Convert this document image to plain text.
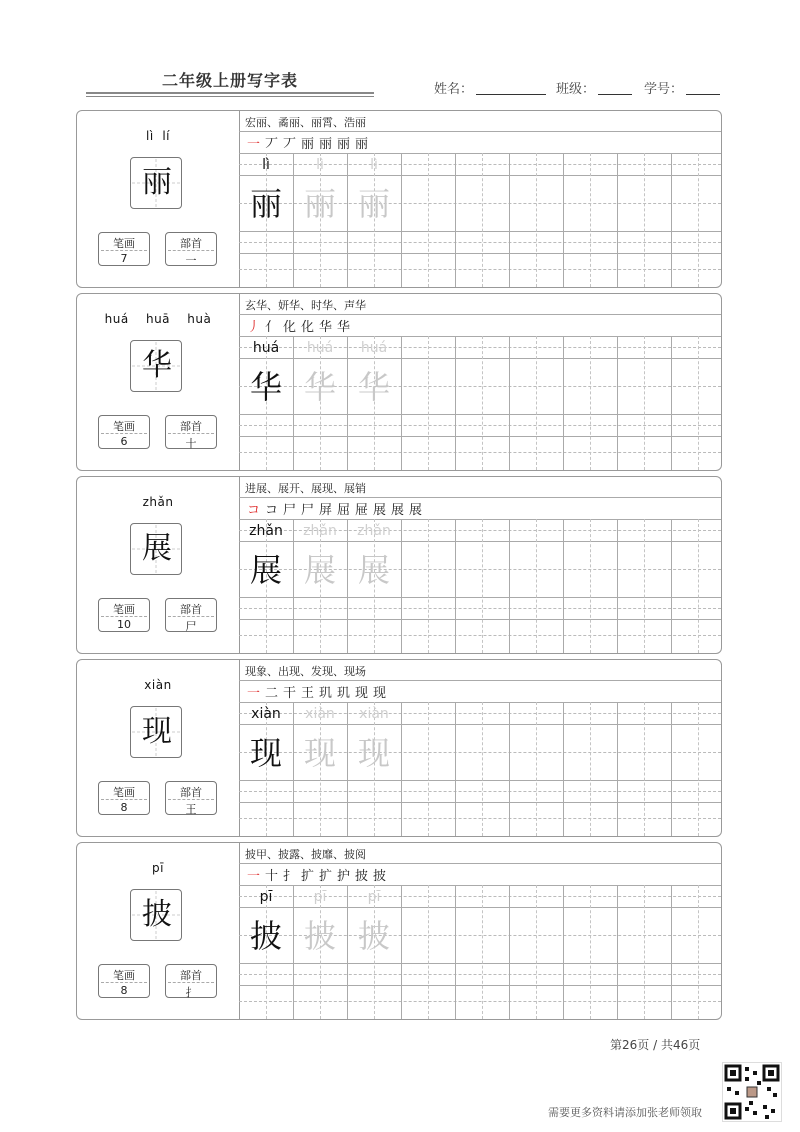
二年级上册写字表	姓名：	班级：	学号：
lì  lí
丽
笔画
7
部首
一
宏丽、矞丽、丽霄、浩丽
一 丆 丆 丽 丽 丽 丽
lì
丽
lì
丽
lì
丽
huá    huā    huà
华
笔画
6
部首
十
玄华、妍华、时华、声华
丿 亻 化 化 华 华
huá
华
huá
华
huá
华
zhǎn
展
笔画
10
部首
尸
进展、展开、展现、展销
コ コ 尸 尸 屏 屈 屉 展 展 展
zhǎn
展
zhǎn
展
zhǎn
展
xiàn
现
笔画
8
部首
王
现象、出现、发现、现场
一 二 干 王 玑 玑 现 现
xiàn
现
xiàn
现
xiàn
现
pī
披
笔画
8
部首
扌
披甲、披露、披靡、披阅
一 十 扌 扩 扩 护 披 披
pī
披
pī
披
pī
披
第26页 / 共46页
需要更多资料请添加张老师领取
